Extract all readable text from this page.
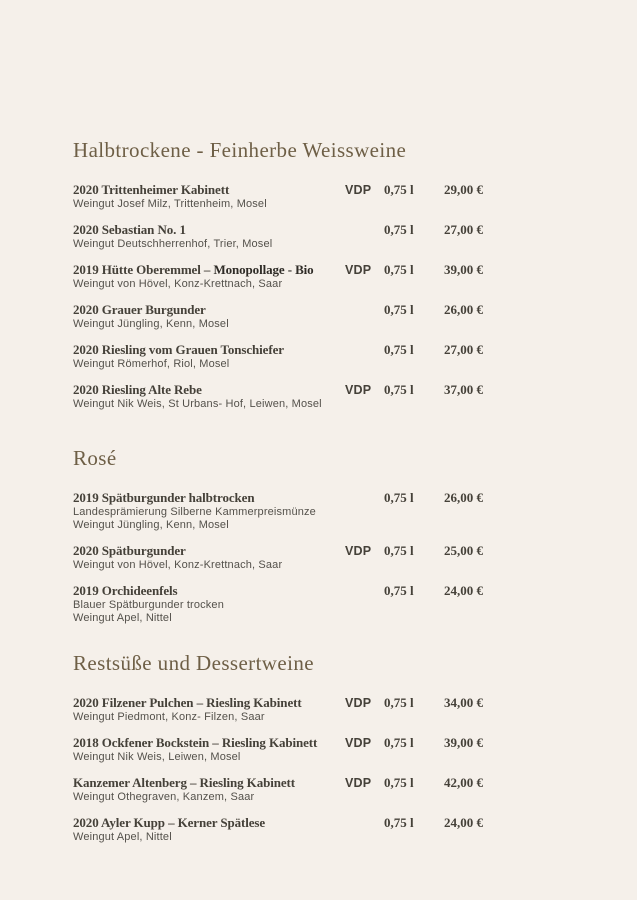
Halbtrockene - Feinherbe Weissweine
2020 Trittenheimer Kabinett	VDP 0,75 l	29,00 €
Weingut Josef Milz, Trittenheim, Mosel
2020 Sebastian No. 1	0,75 l	27,00 €
Weingut Deutschherrenhof, Trier, Mosel
2019 Hütte Oberemmel – Monopollage - Bio	VDP 0,75 l	39,00 €
Weingut von Hövel, Konz-Krettnach, Saar
2020 Grauer Burgunder	0,75 l	26,00 €
Weingut Jüngling, Kenn, Mosel
2020 Riesling vom Grauen Tonschiefer	0,75 l	27,00 €
Weingut Römerhof, Riol, Mosel
2020 Riesling Alte Rebe	VDP 0,75 l	37,00 €
Weingut Nik Weis, St Urbans- Hof, Leiwen, Mosel
Rosé
2019 Spätburgunder halbtrocken	0,75 l	26,00 €
Landesprämierung Silberne Kammerpreismünze
Weingut Jüngling, Kenn, Mosel
2020 Spätburgunder	VDP 0,75 l	25,00 €
Weingut von Hövel, Konz-Krettnach, Saar
2019 Orchideenfels	0,75 l	24,00 €
Blauer Spätburgunder trocken
Weingut Apel, Nittel
Restsüße und Dessertweine
2020 Filzener Pulchen – Riesling Kabinett	VDP 0,75 l	34,00 €
Weingut Piedmont, Konz- Filzen, Saar
2018 Ockfener Bockstein – Riesling Kabinett	VDP 0,75 l	39,00 €
Weingut Nik Weis, Leiwen, Mosel
Kanzemer Altenberg – Riesling Kabinett	VDP 0,75 l	42,00 €
Weingut Othegraven, Kanzem, Saar
2020 Ayler Kupp – Kerner Spätlese	0,75 l	24,00 €
Weingut Apel, Nittel
